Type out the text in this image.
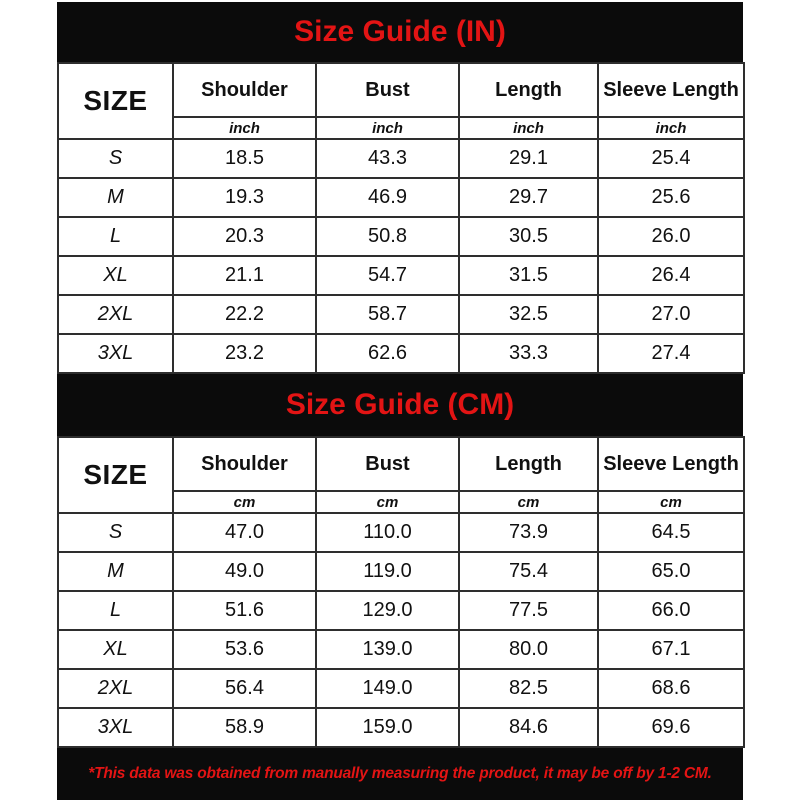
Size Guide (IN)
SIZE	Shoulder	Bust	Length	Sleeve Length
	inch	inch	inch	inch
S	18.5	43.3	29.1	25.4
M	19.3	46.9	29.7	25.6
L	20.3	50.8	30.5	26.0
XL	21.1	54.7	31.5	26.4
2XL	22.2	58.7	32.5	27.0
3XL	23.2	62.6	33.3	27.4
Size Guide (CM)
SIZE	Shoulder	Bust	Length	Sleeve Length
	cm	cm	cm	cm
S	47.0	110.0	73.9	64.5
M	49.0	119.0	75.4	65.0
L	51.6	129.0	77.5	66.0
XL	53.6	139.0	80.0	67.1
2XL	56.4	149.0	82.5	68.6
3XL	58.9	159.0	84.6	69.6
*This data was obtained from manually measuring the product, it may be off by 1-2 CM.
